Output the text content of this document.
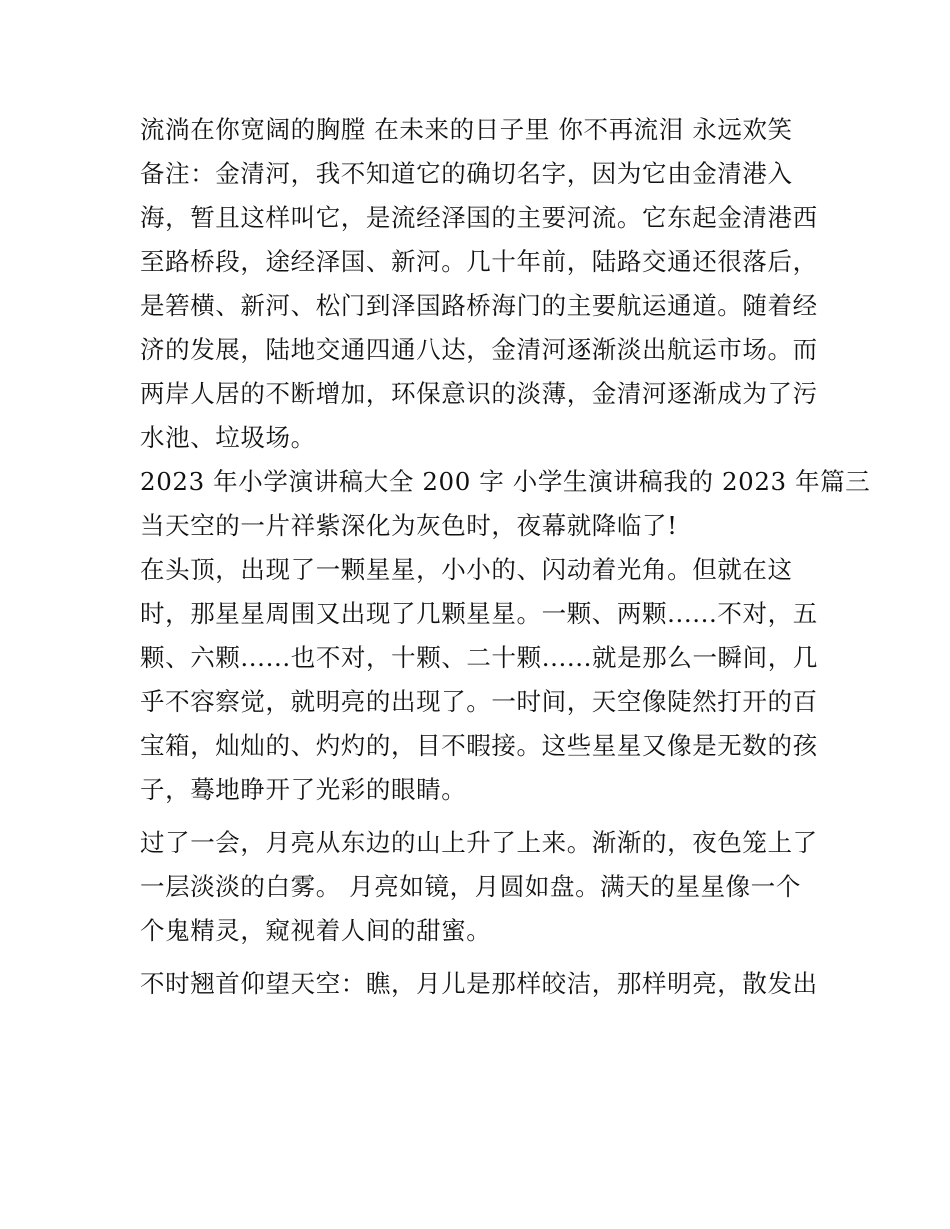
流淌在你宽阔的胸膛 在未来的日子里 你不再流泪 永远欢笑

备注：金清河，我不知道它的确切名字，因为它由金清港入
海，暂且这样叫它，是流经泽国的主要河流。它东起金清港西
至路桥段，途经泽国、新河。几十年前，陆路交通还很落后，
是箬横、新河、松门到泽国路桥海门的主要航运通道。随着经
济的发展，陆地交通四通八达，金清河逐渐淡出航运市场。而
两岸人居的不断增加，环保意识的淡薄，金清河逐渐成为了污
水池、垃圾场。

2023 年小学演讲稿大全 200 字 小学生演讲稿我的 2023 年篇三

当天空的一片祥紫深化为灰色时，夜幕就降临了!

在头顶，出现了一颗星星，小小的、闪动着光角。但就在这
时，那星星周围又出现了几颗星星。一颗、两颗......不对，五
颗、六颗......也不对，十颗、二十颗......就是那么一瞬间，几
乎不容察觉，就明亮的出现了。一时间，天空像陡然打开的百
宝箱，灿灿的、灼灼的，目不暇接。这些星星又像是无数的孩
子，蓦地睁开了光彩的眼睛。

过了一会，月亮从东边的山上升了上来。渐渐的，夜色笼上了
一层淡淡的白雾。 月亮如镜，月圆如盘。满天的星星像一个
个鬼精灵，窥视着人间的甜蜜。

不时翘首仰望天空：瞧，月儿是那样皎洁，那样明亮，散发出
